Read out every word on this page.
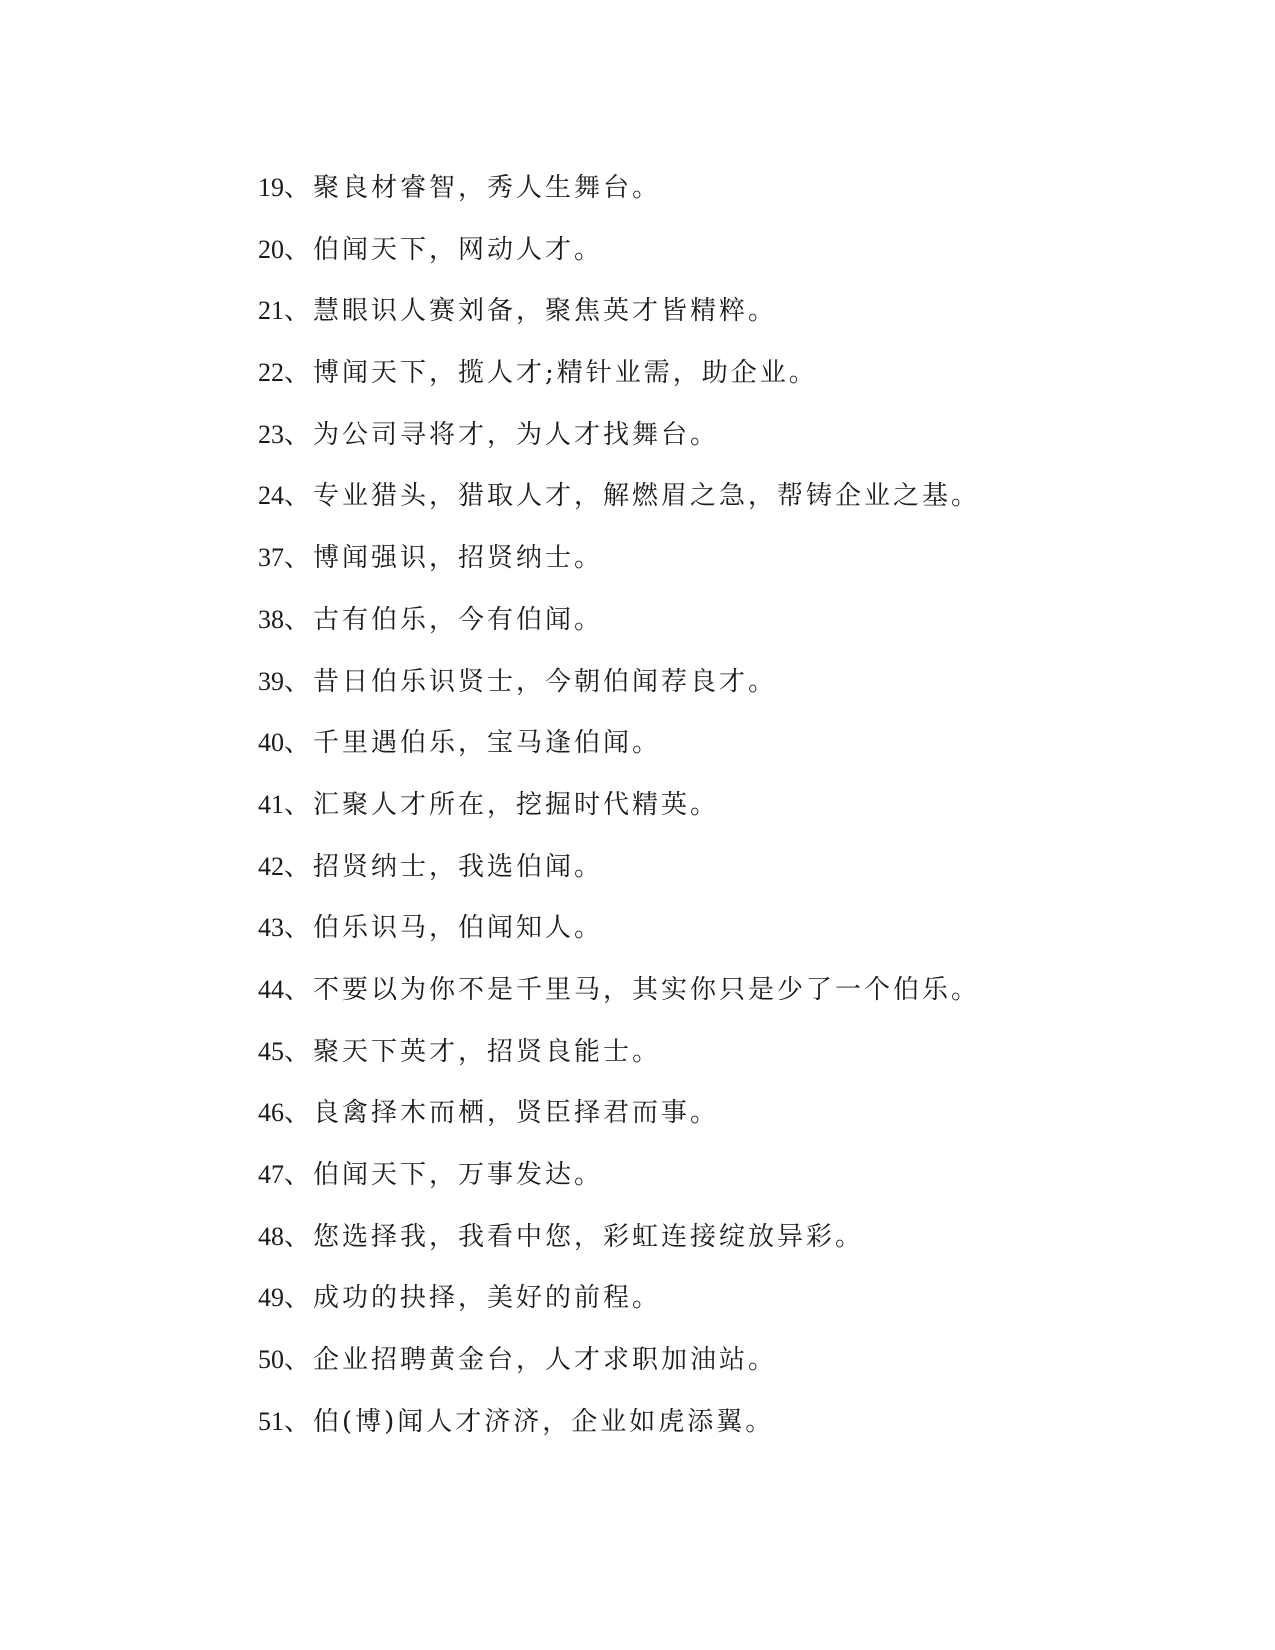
19、聚良材睿智，秀人生舞台。
20、伯闻天下，网动人才。
21、慧眼识人赛刘备，聚焦英才皆精粹。
22、博闻天下，揽人才;精针业需，助企业。
23、为公司寻将才，为人才找舞台。
24、专业猎头，猎取人才，解燃眉之急，帮铸企业之基。
37、博闻强识，招贤纳士。
38、古有伯乐，今有伯闻。
39、昔日伯乐识贤士，今朝伯闻荐良才。
40、千里遇伯乐，宝马逢伯闻。
41、汇聚人才所在，挖掘时代精英。
42、招贤纳士，我选伯闻。
43、伯乐识马，伯闻知人。
44、不要以为你不是千里马，其实你只是少了一个伯乐。
45、聚天下英才，招贤良能士。
46、良禽择木而栖，贤臣择君而事。
47、伯闻天下，万事发达。
48、您选择我，我看中您，彩虹连接绽放异彩。
49、成功的抉择，美好的前程。
50、企业招聘黄金台，人才求职加油站。
51、伯(博)闻人才济济，企业如虎添翼。
